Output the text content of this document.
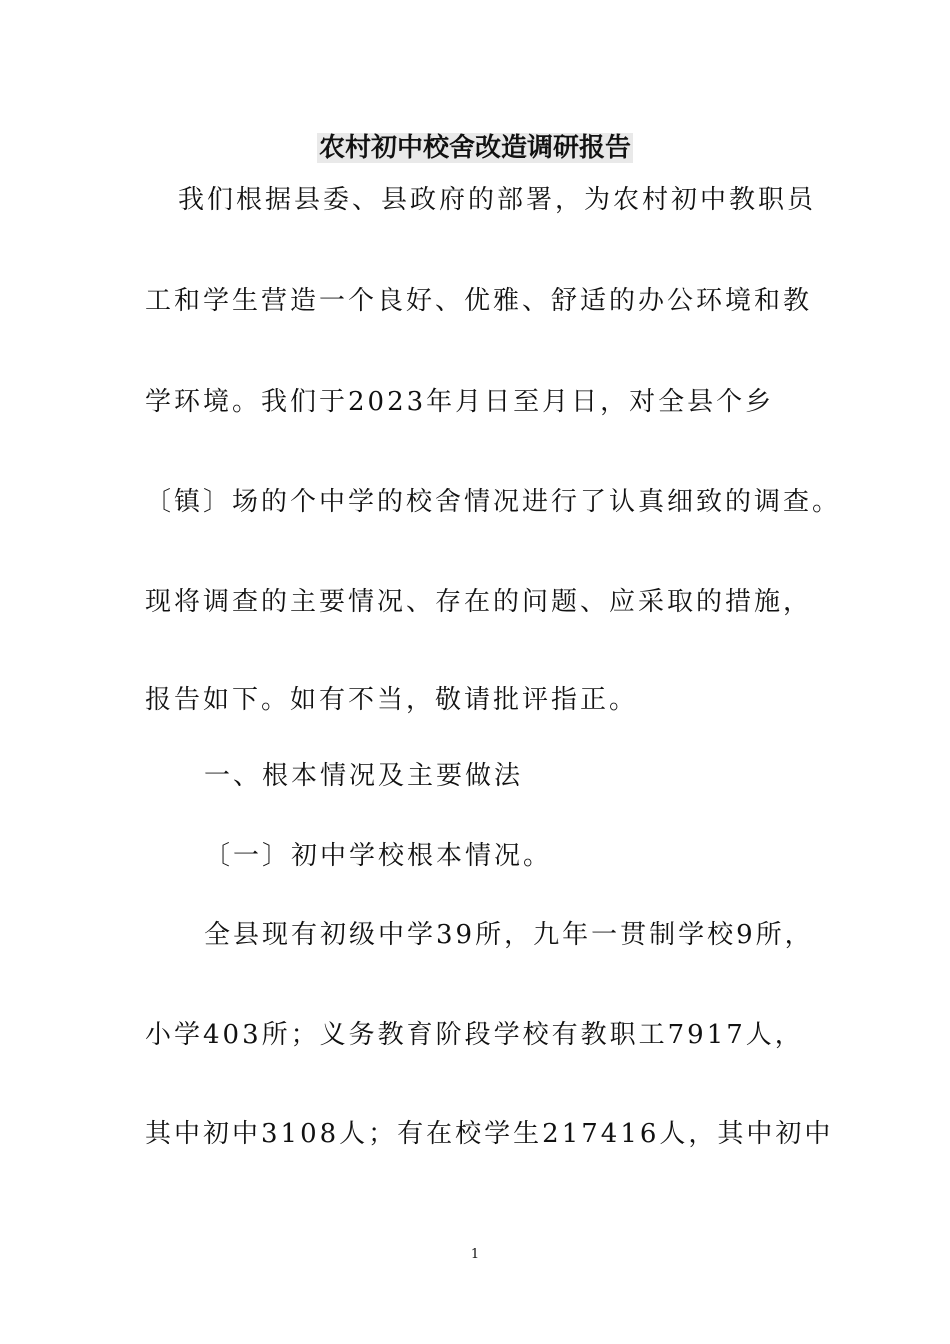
农村初中校舍改造调研报告
我们根据县委、县政府的部署，为农村初中教职员
工和学生营造一个良好、优雅、舒适的办公环境和教
学环境。我们于2023年月日至月日，对全县个乡
〔镇〕场的个中学的校舍情况进行了认真细致的调查。
现将调查的主要情况、存在的问题、应采取的措施，
报告如下。如有不当，敬请批评指正。
一、根本情况及主要做法
〔一〕初中学校根本情况。
全县现有初级中学39所，九年一贯制学校9所，
小学403所；义务教育阶段学校有教职工7917人，
其中初中3108人；有在校学生217416人，其中初中
1
